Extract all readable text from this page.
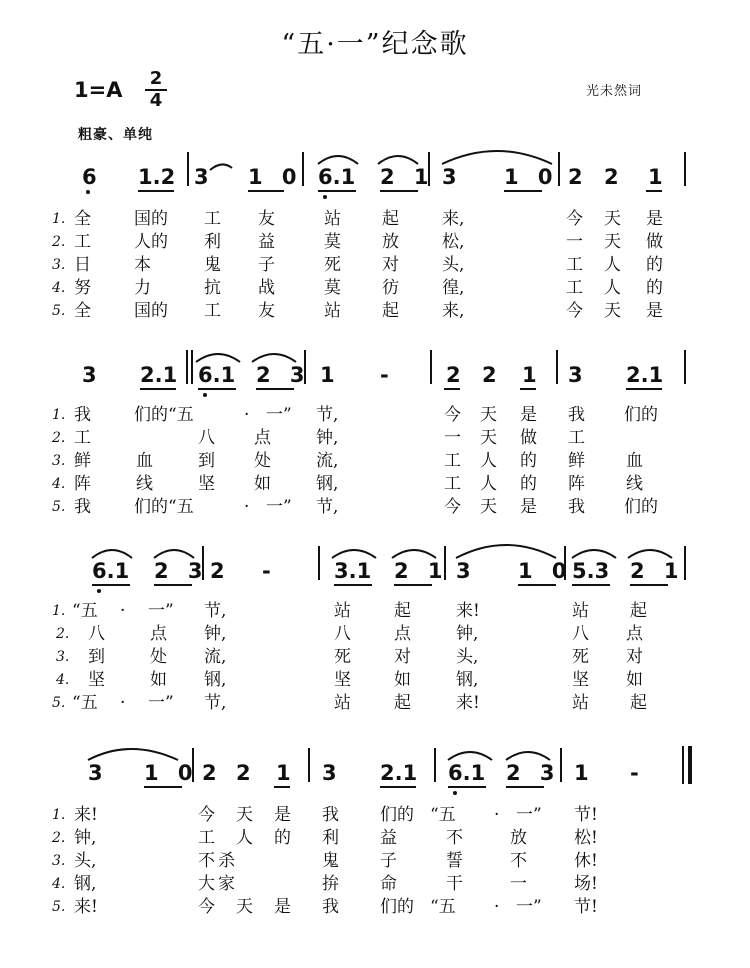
“五·一”纪念歌
1=A 2
4	光未然词
粗豪、单纯
6 1.2 3 1 0 6.1 2 1 3 1 0 2 2 1
1. 全	国的 工 友	站 起	来,	今 天 是
2. 工	人的 利 益	莫 放	松,	一 天 做
3. 日	本	鬼 子	死 对	头,	工 人 的
4. 努	力	抗 战	莫 彷	徨,	工 人 的
5. 全	国的 工 友	站 起	来,	今 天 是
3 2.1 6.1 2 3 1 -	2 2 1 3 2.1
1. 我	们的“五	· 一” 节,	今 天 是 我 们的
2. 工	八 点	钟,	一 天 做 工
3. 鲜	血	到 处	流,	工 人 的 鲜 血
4. 阵	线	坚 如	钢,	工 人 的 阵 线
5. 我	们的“五	· 一” 节,	今 天 是 我 们的
6.1 2 3 2 -	3.1 2 1 3 1 0 5.3 2 1
1. “五 · 一” 节,	站	起	来!	站 起
2. 八	点 钟,	八	点	钟,	八 点
3. 到	处 流,	死	对	头,	死 对
4. 坚	如 钢,	坚	如	钢,	坚 如
5. “五 · 一” 节,	站	起	来!	站 起
3 1 0 2 2 1 3 2.1 6.1 2 3 1 -
1. 来!	今 天 是 我 们的 “五 · 一” 节!
2. 钟,	工 人 的 利 益	不	放	松!
3. 头,	不 杀	鬼 子	誓	不	休!
4. 钢,	大 家	拚 命	干	一	场!
5. 来!	今 天 是 我 们的 “五 · 一” 节!
